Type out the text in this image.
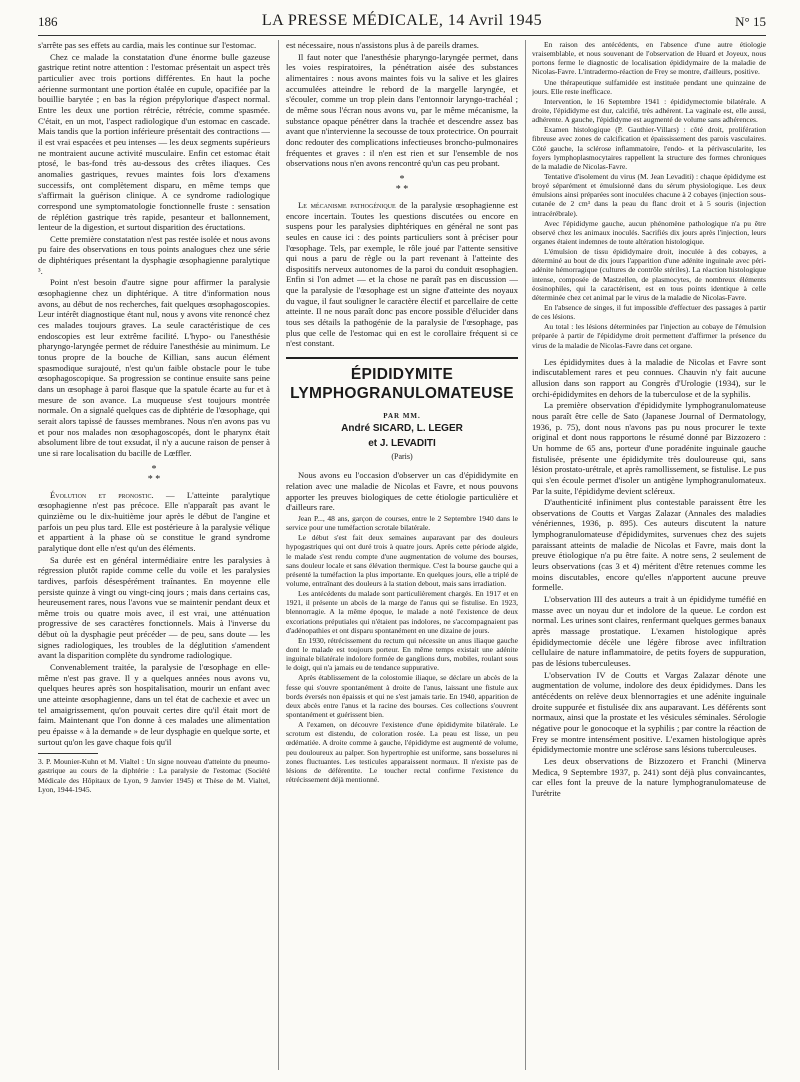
186	LA PRESSE MÉDICALE, 14 Avril 1945	N° 15

s'arrête pas ses effets au cardia, mais les continue sur l'estomac.

Chez ce malade la constatation d'une énorme bulle gazeuse gastrique retint notre attention : l'estomac présentait un aspect très particulier avec trois portions différentes. En haut la poche aérienne surmontant une portion étalée en cupule, opacifiée par la bouillie barytée ; en bas la région prépylorique d'aspect normal. Entre les deux une portion rétrécie, rétrécie, comme spasmée. C'était, en un mot, l'aspect radiologique d'un estomac en cascade. Mais tandis que la portion inférieure présentait des contractions — il est vrai espacées et peu intenses — les deux segments supérieurs ne montraient aucune activité musculaire. Enfin cet estomac était ptosé, le bas-fond très au-dessous des crêtes iliaques. Ces anomalies gastriques, revues maintes fois lors d'examens successifs, ont complètement disparu, en même temps que s'affirmait la guérison clinique. A ce syndrome radiologique correspond une symptomatologie fonctionnelle fruste : sensation de réplétion gastrique très rapide, pesanteur et ballonnement, lenteur de la digestion, et surtout disparition des éructations.

Cette première constatation n'est pas restée isolée et nous avons pu faire des observations en tous points analogues chez une série de diphtériques présentant la dysphagie œsophagienne paralytique ³.

Point n'est besoin d'autre signe pour affirmer la paralysie œsophagienne chez un diphtérique. A titre d'information nous avons, au début de nos recherches, fait quelques œsophagoscopies. Leur intérêt diagnostique étant nul, nous y avons vite renoncé chez ces malades toujours graves. La seule caractéristique de ces endoscopies est leur extrême facilité. L'hypo- ou l'anesthésie pharyngo-laryngée permet de réduire l'anesthésie au minimum. Le tonus propre de la bouche de Killian, sans aucun élément spasmodique surajouté, n'est qu'un faible obstacle pour le tube œsophagoscopique. Sa progression se continue ensuite sans peine dans un œsophage à paroi flasque que la spatule écarte au fur et à mesure de son avance. La muqueuse s'est toujours montrée normale. On a signalé quelques cas de diphtérie de l'œsophage, qui serait alors tapissé de fausses membranes. Nous n'en avons pas vu et pour nos malades non œsophagoscopés, dont le pharynx était absolument libre de tout exsudat, il n'y a aucune raison de penser à une si rare localisation du bacille de Lœffler.

*
* *

Évolution et pronostic. — L'atteinte paralytique œsophagienne n'est pas précoce. Elle n'apparaît pas avant le quinzième ou le dix-huitième jour après le début de l'angine et parfois un peu plus tard. Elle est postérieure à la paralysie vélique et appartient à la phase où se constitue le grand syndrome paralytique dont elle n'est qu'un des éléments.

Sa durée est en général intermédiaire entre les paralysies à régression plutôt rapide comme celle du voile et les paralysies tardives, parfois désespérément traînantes. En moyenne elle persiste quinze à vingt ou vingt-cinq jours ; mais dans certains cas, heureusement rares, nous l'avons vue se maintenir pendant deux et même trois ou quatre mois avec, il est vrai, une atténuation progressive de ses caractères fonctionnels. Mais à l'inverse du début où la dysphagie peut précéder — de peu, sans doute — les signes radiologiques, les troubles de la déglutition s'amendent avant la disparition complète du syndrome radiologique.

Convenablement traitée, la paralysie de l'œsophage en elle-même n'est pas grave. Il y a quelques années nous avons vu, quelques heures après son hospitalisation, mourir un enfant avec une atteinte œsophagienne, dans un tel état de cachexie et avec un tel amaigrissement, qu'on pouvait certes dire qu'il était mort de faim. Maintenant que l'on donne à ces malades une alimentation peu épaisse « à la demande » de leur dysphagie en quelque sorte, et surtout qu'on les gave chaque fois qu'il

3. P. Mounier-Kuhn et M. Vialtel : Un signe nouveau d'atteinte du pneumo-gastrique au cours de la diphtérie : La paralysie de l'estomac (Société Médicale des Hôpitaux de Lyon, 9 Janvier 1945) et Thèse de M. Vialtel, Lyon, 1944-1945.

est nécessaire, nous n'assistons plus à de pareils drames.

Il faut noter que l'anesthésie pharyngo-laryngée permet, dans les voies respiratoires, la pénétration aisée des substances alimentaires : nous avons maintes fois vu la salive et les glaires accumulées atteindre le rebord de la margelle laryngée, et s'écouler, comme un trop plein dans l'entonnoir laryngo-trachéal ; de même sous l'écran nous avons vu, par le même mécanisme, la substance opaque pénétrer dans la trachée et descendre assez bas avant que n'intervienne la secousse de toux protectrice. On pourrait donc redouter des complications infectieuses broncho-pulmonaires fréquentes et graves : il n'en est rien et sur l'ensemble de nos observations nous n'en avons rencontré qu'un cas peu probant.

*
* *

Le mécanisme pathogénique de la paralysie œsophagienne est encore incertain. Toutes les questions discutées ou encore en suspens pour les paralysies diphtériques en général ne sont pas seules en cause ici : des points particuliers sont à préciser pour l'œsophage. Tels, par exemple, le rôle joué par l'attente sensitive qui nous a paru de règle ou la part revenant à l'atteinte des dispositifs nerveux autonomes de la paroi du conduit œsophagien. Enfin si l'on admet — et la chose ne paraît pas en discussion — que la paralysie de l'œsophage est un signe d'atteinte des noyaux du vague, il faut souligner le caractère électif et parcellaire de cette atteinte. Il ne nous paraît donc pas encore possible d'élucider dans tous ses détails la pathogénie de la paralysie de l'œsophage, pas plus que celle de l'estomac qui en est le corollaire fréquent si ce n'est constant.

ÉPIDIDYMITE LYMPHOGRANULOMATEUSE
PAR MM.
André SICARD, L. LEGER
et J. LEVADITI
(Paris)

Nous avons eu l'occasion d'observer un cas d'épididymite en relation avec une maladie de Nicolas et Favre, et nous pouvons apporter les preuves biologiques de cette étiologie particulière et d'ailleurs rare.

Jean P..., 48 ans, garçon de courses, entre le 2 Septembre 1940 dans le service pour une tuméfaction scrotale bilatérale.

Le début s'est fait deux semaines auparavant par des douleurs hypogastriques qui ont duré trois à quatre jours. Après cette période algide, le malade s'est rendu compte d'une augmentation de volume des bourses, sans douleur locale et sans élévation thermique. C'est la bourse gauche qui a présenté la tuméfaction la plus importante. En quelques jours, elle a triplé de volume, entraînant des douleurs à la station debout, mais sans irradiation.

Les antécédents du malade sont particulièrement chargés. En 1917 et en 1921, il présente un abcès de la marge de l'anus qui se fistulise. En 1923, blennorragie. A la même époque, le malade a noté l'existence de deux excoriations préputiales qui n'étaient pas indolores, ne s'accompagnaient pas d'adénopathies et ont disparu spontanément en une dizaine de jours.

En 1930, rétrécissement du rectum qui nécessite un anus iliaque gauche dont le malade est toujours porteur. En même temps existait une adénite inguinale bilatérale indolore formée de ganglions durs, mobiles, roulant sous le doigt, qui n'a jamais eu de tendance suppurative.

Après établissement de la colostomie iliaque, se déclare un abcès de la fesse qui s'ouvre spontanément à droite de l'anus, laissant une fistule aux bords éversés non épaissis et qui ne s'est jamais tarie. En 1940, apparition de deux abcès entre l'anus et la racine des bourses. Ces collections s'ouvrent spontanément et guérissent bien.

A l'examen, on découvre l'existence d'une épididymite bilatérale. Le scrotum est distendu, de coloration rosée. La peau est lisse, un peu œdématiée. A droite comme à gauche, l'épididyme est augmenté de volume, peu douloureux au palper. Son hypertrophie est uniforme, sans bosselures ni zones fluctuantes. Les testicules apparaissent normaux. Il n'existe pas de lésions de déférentite. Le toucher rectal confirme l'existence du rétrécissement déjà mentionné.

En raison des antécédents, en l'absence d'une autre étiologie vraisemblable, et nous souvenant de l'observation de Huard et Joyeux, nous portons ferme le diagnostic de localisation épididymaire de la maladie de Nicolas-Favre. L'intradermo-réaction de Frey se montre, d'ailleurs, positive.

Une thérapeutique sulfamidée est instituée pendant une quinzaine de jours. Elle reste inefficace.

Intervention, le 16 Septembre 1941 : épididymectomie bilatérale. A droite, l'épididyme est dur, calcifié, très adhérent. La vaginale est, elle aussi, adhérente. A gauche, l'épididyme est augmenté de volume sans adhérences.

Examen histologique (P. Gauthier-Villars) : côté droit, prolifération fibreuse avec zones de calcification et épaississement des parois vasculaires. Côté gauche, la sclérose inflammatoire, l'endo- et la périvascularite, les foyers lymphoplasmocytaires rappellent la structure des formes chroniques de la maladie de Nicolas-Favre.

Tentative d'isolement du virus (M. Jean Levaditi) : chaque épididyme est broyé séparément et émulsionné dans du sérum physiologique. Les deux émulsions ainsi préparées sont inoculées chacune à 2 cobayes (injection sous-cutanée de 2 cm³ dans la peau du flanc droit et à 5 souris (injection intracérébrale).

Avec l'épididyme gauche, aucun phénomène pathologique n'a pu être observé chez les animaux inoculés. Sacrifiés dix jours après l'injection, leurs organes étaient indemnes de toute altération histologique.

L'émulsion de tissu épididymaire droit, inoculée à des cobayes, a déterminé au bout de dix jours l'apparition d'une adénite inguinale avec péri-adénite hémorragique (cultures de contrôle stériles). La réaction histologique intense, composée de Mastzellen, de plasmocytes, de nombreux éléments éosinophiles, qui la caractérisent, est en tous points identique à celle déterminée chez cet animal par le virus de la maladie de Nicolas-Favre.

En l'absence de singes, il fut impossible d'effectuer des passages à partir de ces lésions.

Au total : les lésions déterminées par l'injection au cobaye de l'émulsion préparée à partir de l'épididyme droit permettent d'affirmer la présence du virus de la maladie de Nicolas-Favre dans cet organe.

Les épididymites dues à la maladie de Nicolas et Favre sont indiscutablement rares et peu connues. Chauvin n'y fait aucune allusion dans son rapport au Congrès d'Urologie (1934), sur le orchi-épididymites en dehors de la tuberculose et de la syphilis.

La première observation d'épididymite lymphogranulomateuse nous paraît être celle de Sato (Japanese Journal of Dermatology, 1936, p. 75), dont nous n'avons pas pu nous procurer le texte original et dont nous rapportons le résumé donné par Bizzozero : Un homme de 65 ans, porteur d'une poradénite inguinale gauche fistulisée, présente une épididymite très douloureuse qui, sans lésion prostato-urétrale, et après ramollissement, se fistulise. Le pus qui s'en écoule permet d'isoler un antigène lymphogranulomateux. Par la suite, l'épididyme devient scléreux.

D'authenticité infiniment plus contestable paraissent être les observations de Coutts et Vargas Zalazar (Annales des maladies vénériennes, 1936, p. 895). Ces auteurs discutent la nature lymphogranulomateuse d'épididymites, survenues chez des sujets paraissant atteints de maladie de Nicolas et Favre, mais dont la preuve étiologique n'a pu être faite. A notre sens, 2 seulement de leurs observations (cas 3 et 4) méritent d'être retenues comme les moins discutables, encore qu'elles n'apportent aucune preuve formelle.

L'observation III des auteurs a trait à un épididyme tuméfié en masse avec un noyau dur et indolore de la queue. Le cordon est normal. Les urines sont claires, renfermant quelques germes banaux après massage prostatique. L'examen histologique après épididymectomie décèle une légère fibrose avec infiltration cellulaire de nature inflammatoire, de petits foyers de suppuration, pas de lésions tuberculeuses.

L'observation IV de Coutts et Vargas Zalazar dénote une augmentation de volume, indolore des deux épididymes. Dans les antécédents on relève deux blennorragies et une adénite inguinale droite suppurée et fistulisée dix ans auparavant. Les déférents sont normaux, ainsi que la prostate et les vésicules séminales. Sérologie négative pour le gonocoque et la syphilis ; par contre la réaction de Frey se montre intensément positive. L'examen histologique après épididymectomie montre une sclérose sans lésions tuberculeuses.

Les deux observations de Bizzozero et Franchi (Minerva Medica, 9 Septembre 1937, p. 241) sont déjà plus convaincantes, car elles font la preuve de la nature lymphogranulomateuse de l'urétrite
